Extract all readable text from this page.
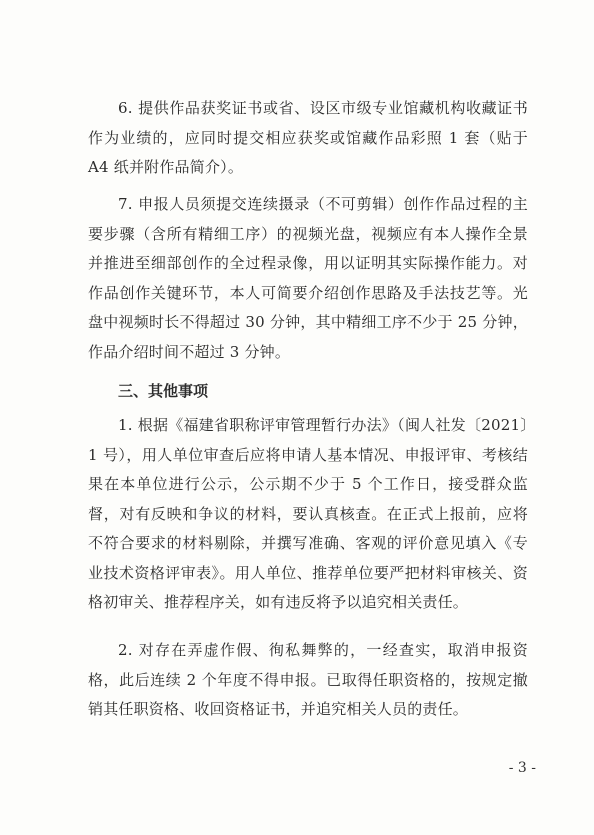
6. 提供作品获奖证书或省、设区市级专业馆藏机构收藏证书作为业绩的，应同时提交相应获奖或馆藏作品彩照 1 套（贴于 A4 纸并附作品简介）。

7. 申报人员须提交连续摄录（不可剪辑）创作作品过程的主要步骤（含所有精细工序）的视频光盘，视频应有本人操作全景并推进至细部创作的全过程录像，用以证明其实际操作能力。对作品创作关键环节，本人可简要介绍创作思路及手法技艺等。光盘中视频时长不得超过 30 分钟，其中精细工序不少于 25 分钟，作品介绍时间不超过 3 分钟。

三、其他事项

1. 根据《福建省职称评审管理暂行办法》（闽人社发〔2021〕1 号），用人单位审查后应将申请人基本情况、申报评审、考核结果在本单位进行公示，公示期不少于 5 个工作日，接受群众监督，对有反映和争议的材料，要认真核查。在正式上报前，应将不符合要求的材料剔除，并撰写准确、客观的评价意见填入《专业技术资格评审表》。用人单位、推荐单位要严把材料审核关、资格初审关、推荐程序关，如有违反将予以追究相关责任。

2. 对存在弄虚作假、徇私舞弊的，一经查实，取消申报资格，此后连续 2 个年度不得申报。已取得任职资格的，按规定撤销其任职资格、收回资格证书，并追究相关人员的责任。

- 3 -
